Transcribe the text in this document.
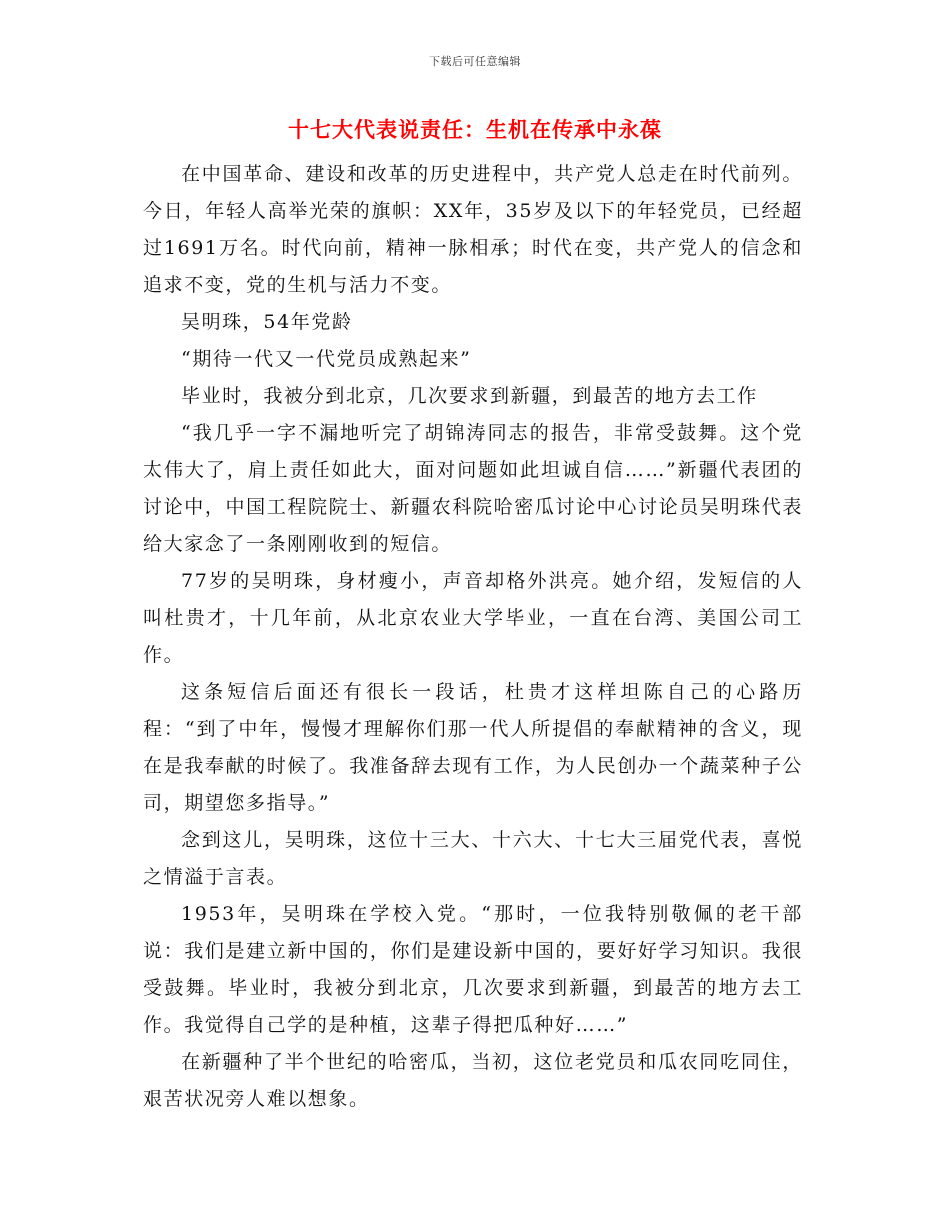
下载后可任意编辑
十七大代表说责任：生机在传承中永葆

在中国革命、建设和改革的历史进程中，共产党人总走在时代前列。今日，年轻人高举光荣的旗帜：XX年，35岁及以下的年轻党员，已经超过1691万名。时代向前，精神一脉相承；时代在变，共产党人的信念和追求不变，党的生机与活力不变。

吴明珠，54年党龄

“期待一代又一代党员成熟起来”

毕业时，我被分到北京，几次要求到新疆，到最苦的地方去工作

“我几乎一字不漏地听完了胡锦涛同志的报告，非常受鼓舞。这个党太伟大了，肩上责任如此大，面对问题如此坦诚自信……”新疆代表团的讨论中，中国工程院院士、新疆农科院哈密瓜讨论中心讨论员吴明珠代表给大家念了一条刚刚收到的短信。

77岁的吴明珠，身材瘦小，声音却格外洪亮。她介绍，发短信的人叫杜贵才，十几年前，从北京农业大学毕业，一直在台湾、美国公司工作。

这条短信后面还有很长一段话，杜贵才这样坦陈自己的心路历程：“到了中年，慢慢才理解你们那一代人所提倡的奉献精神的含义，现在是我奉献的时候了。我准备辞去现有工作，为人民创办一个蔬菜种子公司，期望您多指导。”

念到这儿，吴明珠，这位十三大、十六大、十七大三届党代表，喜悦之情溢于言表。

1953年，吴明珠在学校入党。“那时，一位我特别敬佩的老干部说：我们是建立新中国的，你们是建设新中国的，要好好学习知识。我很受鼓舞。毕业时，我被分到北京，几次要求到新疆，到最苦的地方去工作。我觉得自己学的是种植，这辈子得把瓜种好……”

在新疆种了半个世纪的哈密瓜，当初，这位老党员和瓜农同吃同住，艰苦状况旁人难以想象。
